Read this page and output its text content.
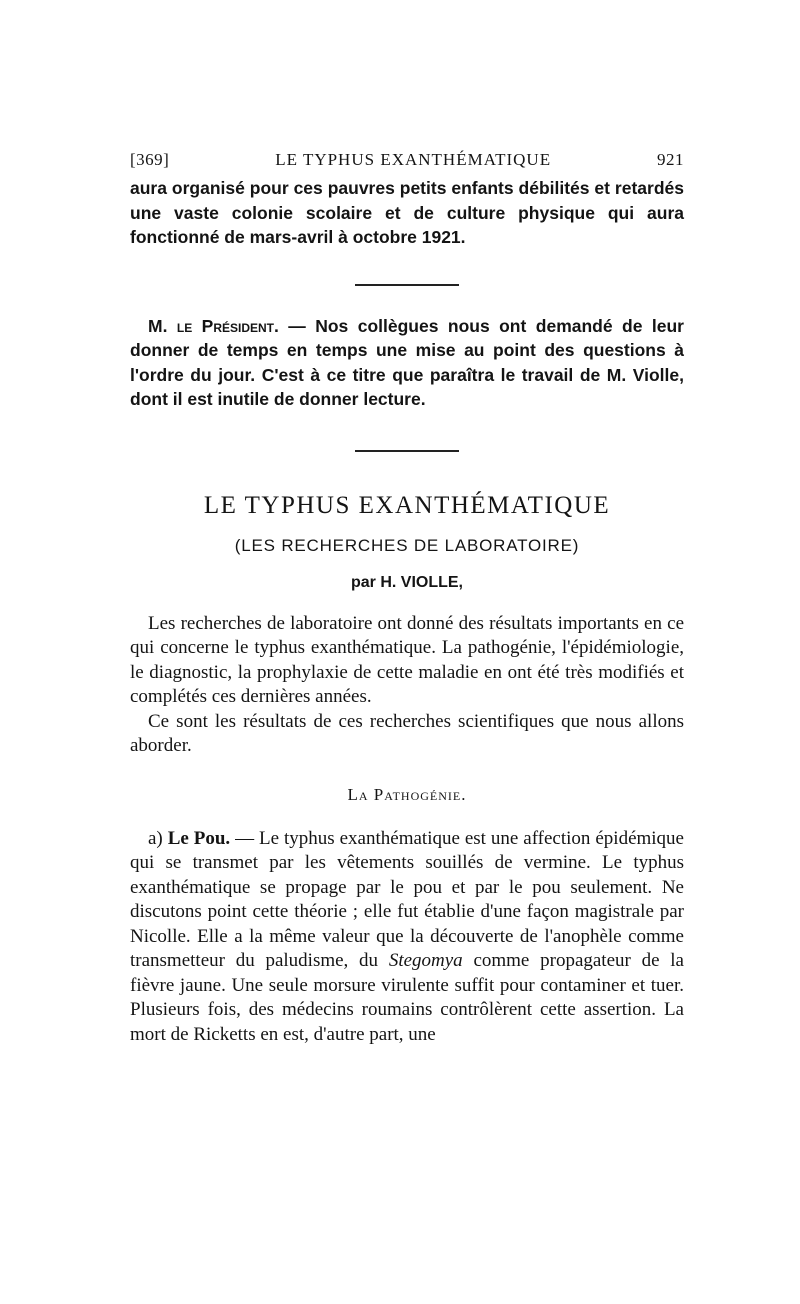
[369]	LE TYPHUS EXANTHÉMATIQUE	921

aura organisé pour ces pauvres petits enfants débilités et retardés une vaste colonie scolaire et de culture physique qui aura fonctionné de mars-avril à octobre 1921.

M. le Président. — Nos collègues nous ont demandé de leur donner de temps en temps une mise au point des questions à l'ordre du jour. C'est à ce titre que paraîtra le travail de M. Violle, dont il est inutile de donner lecture.

LE TYPHUS EXANTHÉMATIQUE
(LES RECHERCHES DE LABORATOIRE)
par H. VIOLLE,

Les recherches de laboratoire ont donné des résultats importants en ce qui concerne le typhus exanthématique. La pathogénie, l'épidémiologie, le diagnostic, la prophylaxie de cette maladie en ont été très modifiés et complétés ces dernières années.

Ce sont les résultats de ces recherches scientifiques que nous allons aborder.

La Pathogénie.

a) Le Pou. — Le typhus exanthématique est une affection épidémique qui se transmet par les vêtements souillés de vermine. Le typhus exanthématique se propage par le pou et par le pou seulement. Ne discutons point cette théorie ; elle fut établie d'une façon magistrale par Nicolle. Elle a la même valeur que la découverte de l'anophèle comme transmetteur du paludisme, du Stegomya comme propagateur de la fièvre jaune. Une seule morsure virulente suffit pour contaminer et tuer. Plusieurs fois, des médecins roumains contrôlèrent cette assertion. La mort de Ricketts en est, d'autre part, une
